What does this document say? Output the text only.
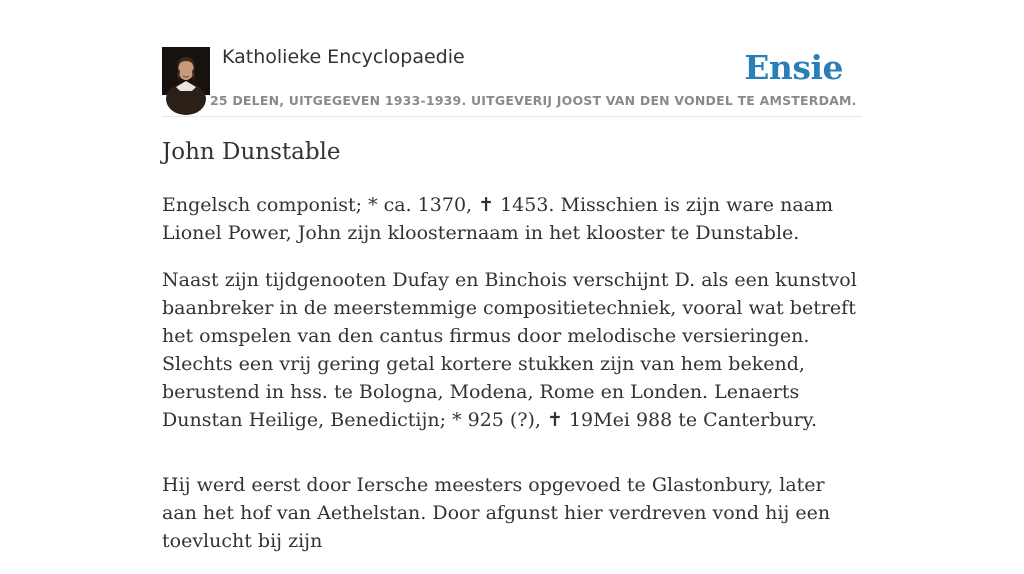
Katholieke Encyclopaedie	Ensie
25 DELEN, UITGEGEVEN 1933-1939. UITGEVERIJ JOOST VAN DEN VONDEL TE AMSTERDAM.
John Dunstable

Engelsch componist; * ca. 1370, ✝ 1453. Misschien is zijn ware naam Lionel Power, John zijn kloosternaam in het klooster te Dunstable.

Naast zijn tijdgenooten Dufay en Binchois verschijnt D. als een kunstvol baanbreker in de meerstemmige compositietechniek, vooral wat betreft het omspelen van den cantus firmus door melodische versieringen. Slechts een vrij gering getal kortere stukken zijn van hem bekend, berustend in hss. te Bologna, Modena, Rome en Londen. Lenaerts Dunstan Heilige, Benedictijn; * 925 (?), ✝ 19Mei 988 te Canterbury.

Hij werd eerst door Iersche meesters opgevoed te Glastonbury, later aan het hof van Aethelstan. Door afgunst hier verdreven vond hij een toevlucht bij zijn
